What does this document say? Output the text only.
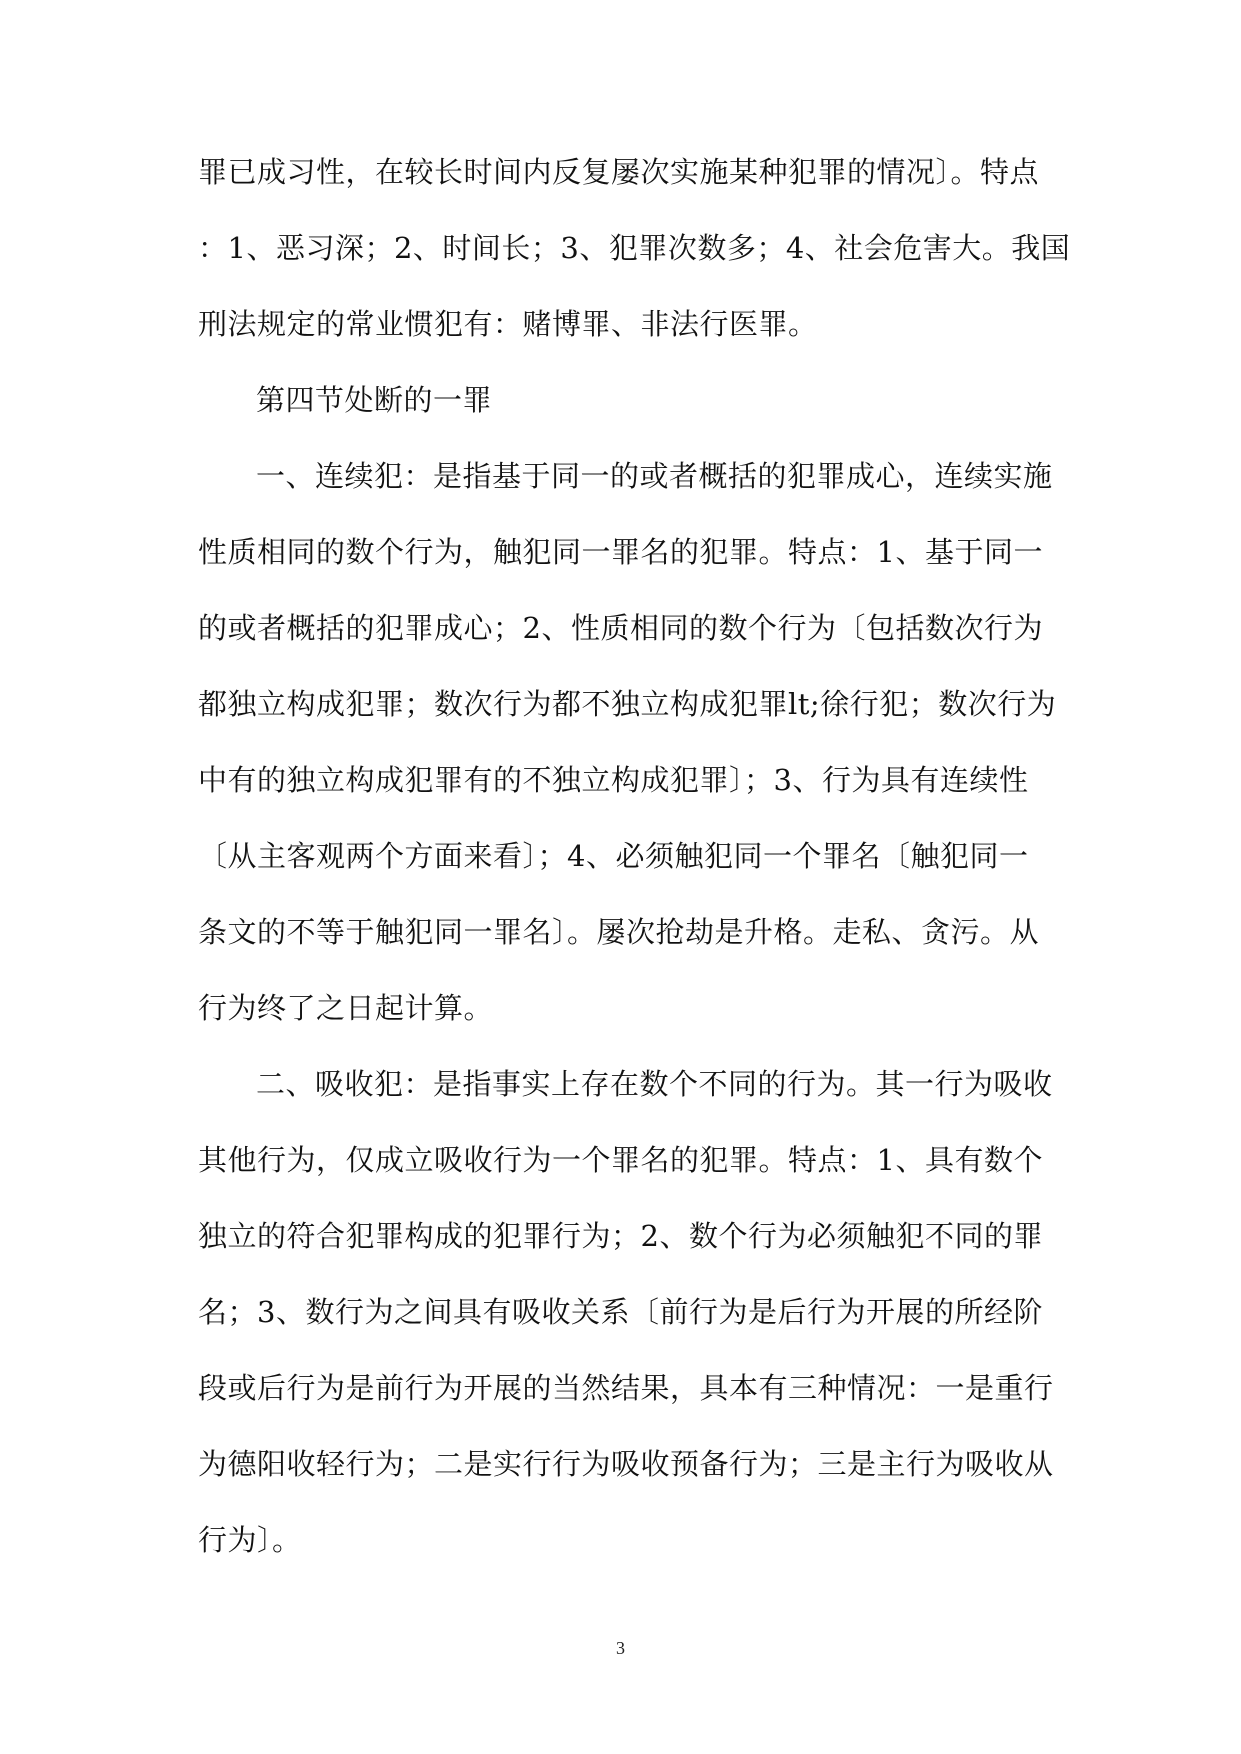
罪已成习性，在较长时间内反复屡次实施某种犯罪的情况〕。特点
：1、恶习深；2、时间长；3、犯罪次数多；4、社会危害大。我国
刑法规定的常业惯犯有：赌博罪、非法行医罪。
第四节处断的一罪
一、连续犯：是指基于同一的或者概括的犯罪成心，连续实施
性质相同的数个行为，触犯同一罪名的犯罪。特点：1、基于同一
的或者概括的犯罪成心；2、性质相同的数个行为〔包括数次行为
都独立构成犯罪；数次行为都不独立构成犯罪lt;徐行犯；数次行为
中有的独立构成犯罪有的不独立构成犯罪〕；3、行为具有连续性
〔从主客观两个方面来看〕；4、必须触犯同一个罪名〔触犯同一
条文的不等于触犯同一罪名〕。屡次抢劫是升格。走私、贪污。从
行为终了之日起计算。
二、吸收犯：是指事实上存在数个不同的行为。其一行为吸收
其他行为，仅成立吸收行为一个罪名的犯罪。特点：1、具有数个
独立的符合犯罪构成的犯罪行为；2、数个行为必须触犯不同的罪
名；3、数行为之间具有吸收关系〔前行为是后行为开展的所经阶
段或后行为是前行为开展的当然结果，具本有三种情况：一是重行
为德阳收轻行为；二是实行行为吸收预备行为；三是主行为吸收从
行为〕。
3
